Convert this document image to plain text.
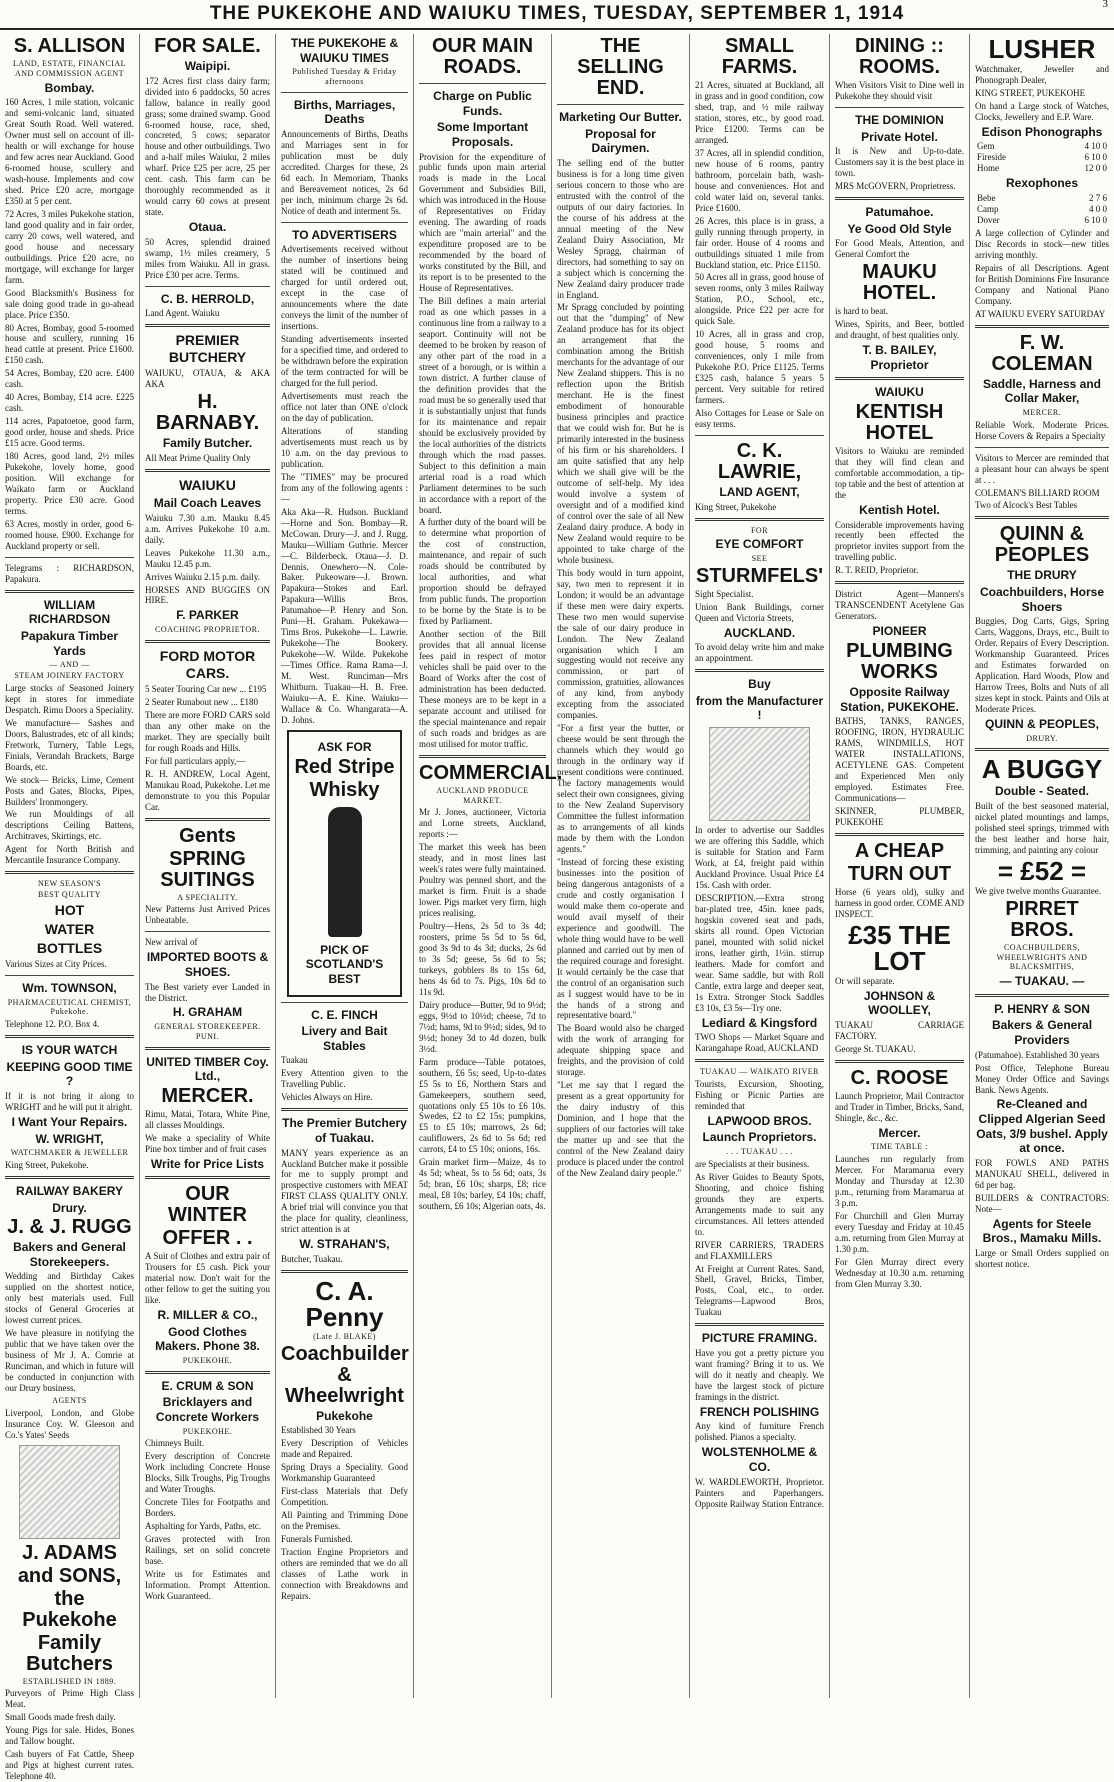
THE PUKEKOHE AND WAIUKU TIMES, TUESDAY, SEPTEMBER 1, 1914	3
S. ALLISON
LAND, ESTATE, FINANCIAL AND COMMISSION AGENT
Bombay.

160 Acres, 1 mile station, volcanic and semi-volcanic land, situated Great South Road. Well watered. Owner must sell on account of ill-health or will exchange for house and few acres near Auckland. Good 6-roomed house, scullery and wash-house. Implements and cow shed. Price £20 acre, mortgage £350 at 5 per cent.

72 Acres, 3 miles Pukekohe station, land good quality and in fair order, carry 20 cows, well watered, and good house and necessary outbuildings. Price £20 acre, no mortgage, will exchange for larger farm.

Good Blacksmith's Business for sale doing good trade in go-ahead place. Price £350.

80 Acres, Bombay, good 5-roomed house and scullery, running 16 head cattle at present. Price £1600. £150 cash.

54 Acres, Bombay, £20 acre. £400 cash.

40 Acres, Bombay, £14 acre. £225 cash.

114 acres, Papatoetoe, good farm, good order, house and sheds. Price £15 acre. Good terms.

180 Acres, good land, 2½ miles Pukekohe, lovely home, good position. Will exchange for Waikato farm or Auckland property. Price £30 acre. Good terms.

63 Acres, mostly in order, good 6-roomed house. £900. Exchange for Auckland property or sell.

Telegrams : RICHARDSON, Papakura.

WILLIAM RICHARDSON
Papakura Timber Yards
— AND —
STEAM JOINERY FACTORY

Large stocks of Seasoned Joinery kept in stores for immediate Despatch. Rimu Doors a Speciality.

We manufacture— Sashes and Doors, Balustrades, etc of all kinds; Fretwork, Turnery, Table Legs, Finials, Verandah Brackets, Barge Boards, etc.

We stock— Bricks, Lime, Cement Posts and Gates, Blocks, Pipes, Builders' Ironmongery.

We run Mouldings of all descriptions Ceiling Battens, Architraves, Skirtings, etc.

Agent for North British and Mercantile Insurance Company.

NEW SEASON'S
BEST QUALITY
HOT
WATER
BOTTLES

Various Sizes at City Prices.

Wm. TOWNSON,
PHARMACEUTICAL CHEMIST, Pukekohe.

Telephone 12. P.O. Box 4.

IS YOUR WATCH
KEEPING GOOD TIME ?

If it is not bring it along to WRIGHT and he will put it alright.

I Want Your Repairs.
W. WRIGHT,
WATCHMAKER & JEWELLER

King Street, Pukekohe.

RAILWAY BAKERY
Drury.
J. & J. RUGG
Bakers and General Storekeepers.

Wedding and Birthday Cakes supplied on the shortest notice, only best materials used. Full stocks of General Groceries at lowest current prices.

We have pleasure in notifying the public that we have taken over the business of Mr J. A. Comrie at Runciman, and which in future will be conducted in conjunction with our Drury business.

AGENTS

Liverpool, London, and Globe Insurance Coy. W. Gleeson and Co.'s Yates' Seeds

J. ADAMS
and SONS,
the Pukekohe
Family Butchers
ESTABLISHED IN 1889.

Purveyors of Prime High Class Meat.

Small Goods made fresh daily.

Young Pigs for sale. Hides, Bones and Tallow bought.

Cash buyers of Fat Cattle, Sheep and Pigs at highest current rates. Telephone 40.

FOR SALE.
Waipipi.

172 Acres first class dairy farm; divided into 6 paddocks, 50 acres fallow, balance in really good grass; some drained swamp. Good 6-roomed house, race, shed, concreted, 5 cows; separator house and other outbuildings. Two and a-half miles Waiuku, 2 miles wharf. Price £25 per acre, 25 per cent. cash. This farm can be thoroughly recommended as it would carry 60 cows at present state.

Otaua.

50 Acres, splendid drained swamp, 1½ miles creamery, 5 miles from Waiuku. All in grass. Price £30 per acre. Terms.

C. B. HERROLD,

Land Agent. Waiuku

PREMIER BUTCHERY

WAIUKU, OTAUA, & AKA AKA

H. BARNABY.
Family Butcher.

All Meat Prime Quality Only

WAIUKU
Mail Coach Leaves

Waiuku 7.30 a.m. Mauku 8.45 a.m. Arrives Pukekohe 10 a.m. daily.

Leaves Pukekohe 11.30 a.m., Mauku 12.45 p.m.

Arrives Waiuku 2.15 p.m. daily.

HORSES AND BUGGIES ON HIRE.

F. PARKER
COACHING PROPRIETOR.
FORD MOTOR CARS.

5 Seater Touring Car new ... £195

2 Seater Runabout new ... £180

There are more FORD CARS sold than any other make on the market. They are specially built for rough Roads and Hills.

For full particulars apply,—

R. H. ANDREW, Local Agent, Manukau Road, Pukekohe. Let me demonstrate to you this Popular Car.

Gents
SPRING SUITINGS
A SPECIALITY.

New Patterns Just Arrived Prices Unbeatable.

New arrival of

IMPORTED BOOTS & SHOES.

The Best variety ever Landed in the District.

H. GRAHAM
GENERAL STOREKEEPER. PUNI.
UNITED TIMBER Coy. Ltd.,
MERCER.

Rimu, Matai, Totara, White Pine, all classes Mouldings.

We make a speciality of White Pine box timber and of fruit cases

Write for Price Lists
OUR WINTER
OFFER . .

A Suit of Clothes and extra pair of Trousers for £5 cash. Pick your material now. Don't wait for the other fellow to get the suiting you like.

R. MILLER & CO.,
Good Clothes Makers. Phone 38.
PUKEKOHE.
E. CRUM & SON
Bricklayers and Concrete Workers
PUKEKOHE.

Chimneys Built.

Every description of Concrete Work including Concrete House Blocks, Silk Troughs, Pig Troughs and Water Troughs.

Concrete Tiles for Footpaths and Borders.

Asphalting for Yards, Paths, etc.

Graves protected with Iron Railings, set on solid concrete base.

Write us for Estimates and Information. Prompt Attention. Work Guaranteed.

THE PUKEKOHE & WAIUKU TIMES
Published Tuesday & Friday afternoons
Births, Marriages, Deaths

Announcements of Births, Deaths and Marriages sent in for publication must be duly accredited. Charges for these, 2s 6d each. In Memoriam, Thanks and Bereavement notices, 2s 6d per inch, minimum charge 2s 6d. Notice of death and interment 5s.

TO ADVERTISERS

Advertisements received without the number of insertions being stated will be continued and charged for until ordered out, except in the case of announcements where the date conveys the limit of the number of insertions.

Standing advertisements inserted for a specified time, and ordered to be withdrawn before the expiration of the term contracted for will be charged for the full period.

Advertisements must reach the office not later than ONE o'clock on the day of publication.

Alterations of standing advertisements must reach us by 10 a.m. on the day previous to publication.

The "TIMES" may be procured from any of the following agents :—

Aka Aka—R. Hudson. Buckland—Horne and Son. Bombay—R. McCowan. Drury—J. and J. Rugg. Mauku—William Guthrie. Mercer—C. Bilderbeck. Otaua—J. D. Dennis. Onewhero—N. Cole-Baker. Pukeoware—J. Brown. Papakura—Stokes and Earl. Papakura—Willis Bros. Patumahoe—P. Henry and Son. Puni—H. Graham. Pukekawa—Tims Bros. Pukekohe—L. Lawrie. Pukekohe—The Bookery. Pukekohe—W. Wilde. Pukekohe—Times Office. Rama Rama—J. M. West. Runciman—Mrs Whitburn. Tuakau—H. B. Free. Waiuku—A. E. Kine. Waiuku—Wallace & Co. Whangarata—A. D. Johns.

ASK FOR
Red Stripe
Whisky
PICK OF SCOTLAND'S BEST
C. E. FINCH
Livery and Bait Stables

Tuakau

Every Attention given to the Travelling Public.

Vehicles Always on Hire.

The Premier Butchery of Tuakau.

MANY years experience as an Auckland Butcher make it possible for me to supply prompt and prospective customers with MEAT FIRST CLASS QUALITY ONLY. A brief trial will convince you that the place for quality, cleanliness, strict attention is at

W. STRAHAN'S,

Butcher, Tuakau.

C. A. Penny
(Late J. BLAKE)
Coachbuilder & Wheelwright
Pukekohe

Established 30 Years

Every Description of Vehicles made and Repaired.

Spring Drays a Speciality. Good Workmanship Guaranteed

First-class Materials that Defy Competition.

All Painting and Trimming Done on the Premises.

Funerals Furnished.

Traction Engine Proprietors and others are reminded that we do all classes of Lathe work in connection with Breakdowns and Repairs.

OUR MAIN ROADS.
Charge on Public Funds.
Some Important Proposals.

Provision for the expenditure of public funds upon main arterial roads is made in the Local Government and Subsidies Bill, which was introduced in the House of Representatives on Friday evening. The awarding of roads which are "main arterial" and the expenditure proposed are to be recommended by the board of works constituted by the Bill, and its report is to be presented to the House of Representatives.

The Bill defines a main arterial road as one which passes in a continuous line from a railway to a seaport. Continuity will not be deemed to be broken by reason of any other part of the road in a street of a borough, or is within a town district. A further clause of the definition provides that the road must be so generally used that it is substantially unjust that funds for its maintenance and repair should be exclusively provided by the local authorities of the districts through which the road passes. Subject to this definition a main arterial road is a road which Parliament determines to be such in accordance with a report of the board.

A further duty of the board will be to determine what proportion of the cost of construction, maintenance, and repair of such roads should be contributed by local authorities, and what proportion should be defrayed from public funds. The proportion to be borne by the State is to be fixed by Parliament.

Another section of the Bill provides that all annual license fees paid in respect of motor vehicles shall be paid over to the Board of Works after the cost of administration has been deducted. These moneys are to be kept in a separate account and utilised for the special maintenance and repair of such roads and bridges as are most utilised for motor traffic.

COMMERCIAL.
AUCKLAND PRODUCE MARKET.

Mr J. Jones, auctioneer, Victoria and Lorne streets, Auckland, reports :—

The market this week has been steady, and in most lines last week's rates were fully maintained. Poultry was penned short, and the market is firm. Fruit is a shade lower. Pigs market very firm, high prices realising.

Poultry—Hens, 2s 5d to 3s 4d; roosters, prime 5s 5d to 5s 6d, good 3s 9d to 4s 3d; ducks, 2s 6d to 3s 5d; geese, 5s 6d to 5s; turkeys, gobblers 8s to 15s 6d, hens 4s 6d to 7s. Pigs, 10s 6d to 11s 9d.

Dairy produce—Butter, 9d to 9½d; eggs, 9½d to 10½d; cheese, 7d to 7½d; hams, 9d to 9½d; sides, 9d to 9½d; honey 3d to 4d dozen, bulk 3½d.

Farm produce—Table potatoes, southern, £6 5s; seed, Up-to-dates £5 5s to £6, Northern Stars and Gamekeepers, southern seed, quotations only £5 10s to £6 10s. Swedes, £2 to £2 15s; pumpkins, £5 to £5 10s; marrows, 2s 6d; cauliflowers, 2s 6d to 5s 6d; red carrots, £4 to £5 10s; onions, 16s.

Grain market firm—Maize, 4s to 4s 5d; wheat, 5s to 5s 6d; oats, 3s 5d; bran, £6 10s; sharps, £8; rice meal, £8 10s; barley, £4 10s; chaff, southern, £6 10s; Algerian oats, 4s.

THE SELLING END.
Marketing Our Butter.
Proposal for Dairymen.

The selling end of the butter business is for a long time given serious concern to those who are entrusted with the control of the outputs of our dairy factories. In the course of his address at the annual meeting of the New Zealand Dairy Association, Mr Wesley Spragg, chairman of directors, had something to say on a subject which is concerning the New Zealand dairy producer trade in England.

Mr Spragg concluded by pointing out that the "dumping" of New Zealand produce has for its object an arrangement that the combination among the British merchants for the advantage of our New Zealand shippers. This is no reflection upon the British merchant. He is the finest embodiment of honourable business principles and practice that we could wish for. But he is primarily interested in the business of his firm or his shareholders. I am quite satisfied that any help which we shall give will be the outcome of self-help. My idea would involve a system of oversight and of a modified kind of control over the sale of all New Zealand dairy produce. A body in New Zealand would require to be appointed to take charge of the whole business.

This body would in turn appoint, say, two men to represent it in London; it would be an advantage if these men were dairy experts. These two men would supervise the sale of our dairy produce in London. The New Zealand organisation which I am suggesting would not receive any commission, or part of commission, gratuities, allowances of any kind, from anybody excepting from the associated companies.

"For a first year the butter, or cheese would be sent through the channels which they would go through in the ordinary way if present conditions were continued. The factory managements would select their own consignees, giving to the New Zealand Supervisory Committee the fullest information as to arrangements of all kinds made by them with the London agents."

"Instead of forcing these existing businesses into the position of being dangerous antagonists of a crude and costly organisation I would make them co-operate and would avail myself of their experience and goodwill. The whole thing would have to be well planned and carried out by men of the required courage and foresight. It would certainly be the case that the control of an organisation such as I suggest would have to be in the hands of a strong and representative board."

The Board would also be charged with the work of arranging for adequate shipping space and freights, and the provision of cold storage.

"Let me say that I regard the present as a great opportunity for the dairy industry of this Dominion, and I hope that the suppliers of our factories will take the matter up and see that the control of the New Zealand dairy produce is placed under the control of the New Zealand dairy people."

SMALL FARMS.

21 Acres, situated at Buckland, all in grass and in good condition, cow shed, trap, and ½ mile railway station, stores, etc., by good road. Price £1200. Terms can be arranged.

37 Acres, all in splendid condition, new house of 6 rooms, pantry bathroom, porcelain bath, wash-house and conveniences. Hot and cold water laid on, several tanks. Price £1600.

26 Acres, this place is in grass, a gully running through property, in fair order. House of 4 rooms and outbuildings situated 1 mile from Buckland station, etc. Price £1150.

50 Acres all in grass, good house of seven rooms, only 3 miles Railway Station, P.O., School, etc., alongside. Price £22 per acre for quick Sale.

10 Acres, all in grass and crop, good house, 5 rooms and conveniences, only 1 mile from Pukekohe P.O. Price £1125. Terms £325 cash, balance 5 years 5 percent. Very suitable for retired farmers.

Also Cottages for Lease or Sale on easy terms.

C. K. LAWRIE,
LAND AGENT,

King Street, Pukekohe

FOR
EYE COMFORT
SEE
STURMFELS'

Sight Specialist.

Union Bank Buildings, corner Queen and Victoria Streets,

AUCKLAND.

To avoid delay write him and make an appointment.

Buy
from the Manufacturer !

In order to advertise our Saddles we are offering this Saddle, which is suitable for Station and Farm Work, at £4, freight paid within Auckland Province. Usual Price £4 15s. Cash with order.

DESCRIPTION.—Extra strong bar-plated tree, 45in. knee pads, hogskin covered seat and pads, skirts all round. Open Victorian panel, mounted with solid nickel irons, leather girth, 1½in. stirrup leathers. Made for comfort and wear. Same saddle, but with Roll Cantle, extra large and deeper seat, 1s Extra. Stronger Stock Saddles £3 10s, £3 5s—Try one.

Lediard & Kingsford

TWO Shops — Market Square and Karangahape Road, AUCKLAND

TUAKAU — WAIKATO RIVER

Tourists, Excursion, Shooting, Fishing or Picnic Parties are reminded that

LAPWOOD BROS.
Launch Proprietors.
. . . TUAKAU . . .

are Specialists at their business.

As River Guides to Beauty Spots, Shooting, and choice fishing grounds they are experts. Arrangements made to suit any circumstances. All letters attended to.

RIVER CARRIERS, TRADERS and FLAXMILLERS

At Freight at Current Rates. Sand, Shell, Gravel, Bricks, Timber, Posts, Coal, etc., to order. Telegrams—Lapwood Bros, Tuakau

PICTURE FRAMING.

Have you got a pretty picture you want framing? Bring it to us. We will do it neatly and cheaply. We have the largest stock of picture framings in the district.

FRENCH POLISHING

Any kind of furniture French polished. Pianos a specialty.

WOLSTENHOLME & CO.

W. WARDLEWORTH, Proprietor. Painters and Paperhangers. Opposite Railway Station Entrance.

DINING :: ROOMS.

When Visitors Visit to Dine well in Pukekohe they should visit

THE DOMINION
Private Hotel.

It is New and Up-to-date. Customers say it is the best place in town.

MRS McGOVERN, Proprietress.

Patumahoe.
Ye Good Old Style

For Good Meals, Attention, and General Comfort the

MAUKU HOTEL.

is hard to beat.

Wines, Spirits, and Beer, bottled and draught, of best qualities only.

T. B. BAILEY, Proprietor
WAIUKU
KENTISH HOTEL

Visitors to Waiuku are reminded that they will find clean and comfortable accommodation, a tip-top table and the best of attention at the

Kentish Hotel.

Considerable improvements having recently been effected the proprietor invites support from the travelling public.

R. T. REID, Proprietor.

District Agent—Manners's TRANSCENDENT Acetylene Gas Generators.

PIONEER
PLUMBING WORKS
Opposite Railway Station, PUKEKOHE.

BATHS, TANKS, RANGES, ROOFING, IRON, HYDRAULIC RAMS, WINDMILLS, HOT WATER INSTALLATIONS, ACETYLENE GAS. Competent and Experienced Men only employed. Estimates Free. Communications—

SKINNER, PLUMBER, PUKEKOHE

A CHEAP
TURN OUT

Horse (6 years old), sulky and harness in good order. COME AND INSPECT.

£35 THE LOT

Or will separate.

JOHNSON & WOOLLEY,

TUAKAU CARRIAGE FACTORY.

George St. TUAKAU.

C. ROOSE

Launch Proprietor, Mail Contractor and Trader in Timber, Bricks, Sand, Shingle, &c., &c.

Mercer.
TIME TABLE :

Launches run regularly from Mercer. For Maramarua every Monday and Thursday at 12.30 p.m., returning from Maramarua at 3 p.m.

For Churchill and Glen Murray every Tuesday and Friday at 10.45 a.m. returning from Glen Murray at 1.30 p.m.

For Glen Murray direct every Wednesday at 10.30 a.m. returning from Glen Murray 3.30.

LUSHER

Watchmaker, Jeweller and Phonograph Dealer,

KING STREET, PUKEKOHE

On hand a Large stock of Watches, Clocks, Jewellery and E.P. Ware.

Edison Phonographs
Gem	4 10 0
Fireside	6 10 0
Home	12 0 0
Rexophones
Bebe	2 7 6
Camp	4 0 0
Dover	6 10 0

A large collection of Cylinder and Disc Records in stock—new titles arriving monthly.

Repairs of all Descriptions. Agent for British Dominions Fire Insurance Company and National Piano Company.

AT WAIUKU EVERY SATURDAY

F. W. COLEMAN
Saddle, Harness and Collar Maker,
MERCER.

Reliable Work. Moderate Prices. Horse Covers & Repairs a Specialty

Visitors to Mercer are reminded that a pleasant hour can always be spent at . . .

COLEMAN'S BILLIARD ROOM

Two of Alcock's Best Tables

QUINN & PEOPLES
THE DRURY
Coachbuilders, Horse Shoers

Buggies, Dog Carts, Gigs, Spring Carts, Waggons, Drays, etc., Built to Order. Repairs of Every Description. Workmanship Guaranteed. Prices and Estimates forwarded on Application. Hard Woods, Plow and Harrow Trees, Bolts and Nuts of all sizes kept in stock. Paints and Oils at Moderate Prices.

QUINN & PEOPLES,
DRURY.
A BUGGY
Double - Seated.

Built of the best seasoned material, nickel plated mountings and lamps, polished steel springs, trimmed with the best leather and horse hair, trimming, and painting any colour

= £52 =

We give twelve months Guarantee.

PIRRET BROS.
COACHBUILDERS, WHEELWRIGHTS AND BLACKSMITHS,
— TUAKAU. —
P. HENRY & SON
Bakers & General Providers

(Patumahoe). Established 30 years

Post Office, Telephone Bureau Money Order Office and Savings Bank. News Agents.

Re-Cleaned and Clipped Algerian Seed Oats, 3/9 bushel. Apply at once.

FOR FOWLS AND PATHS MANUKAU SHELL, delivered in 6d per bag.

BUILDERS & CONTRACTORS: Note—

Agents for Steele Bros., Mamaku Mills.

Large or Small Orders supplied on shortest notice.
